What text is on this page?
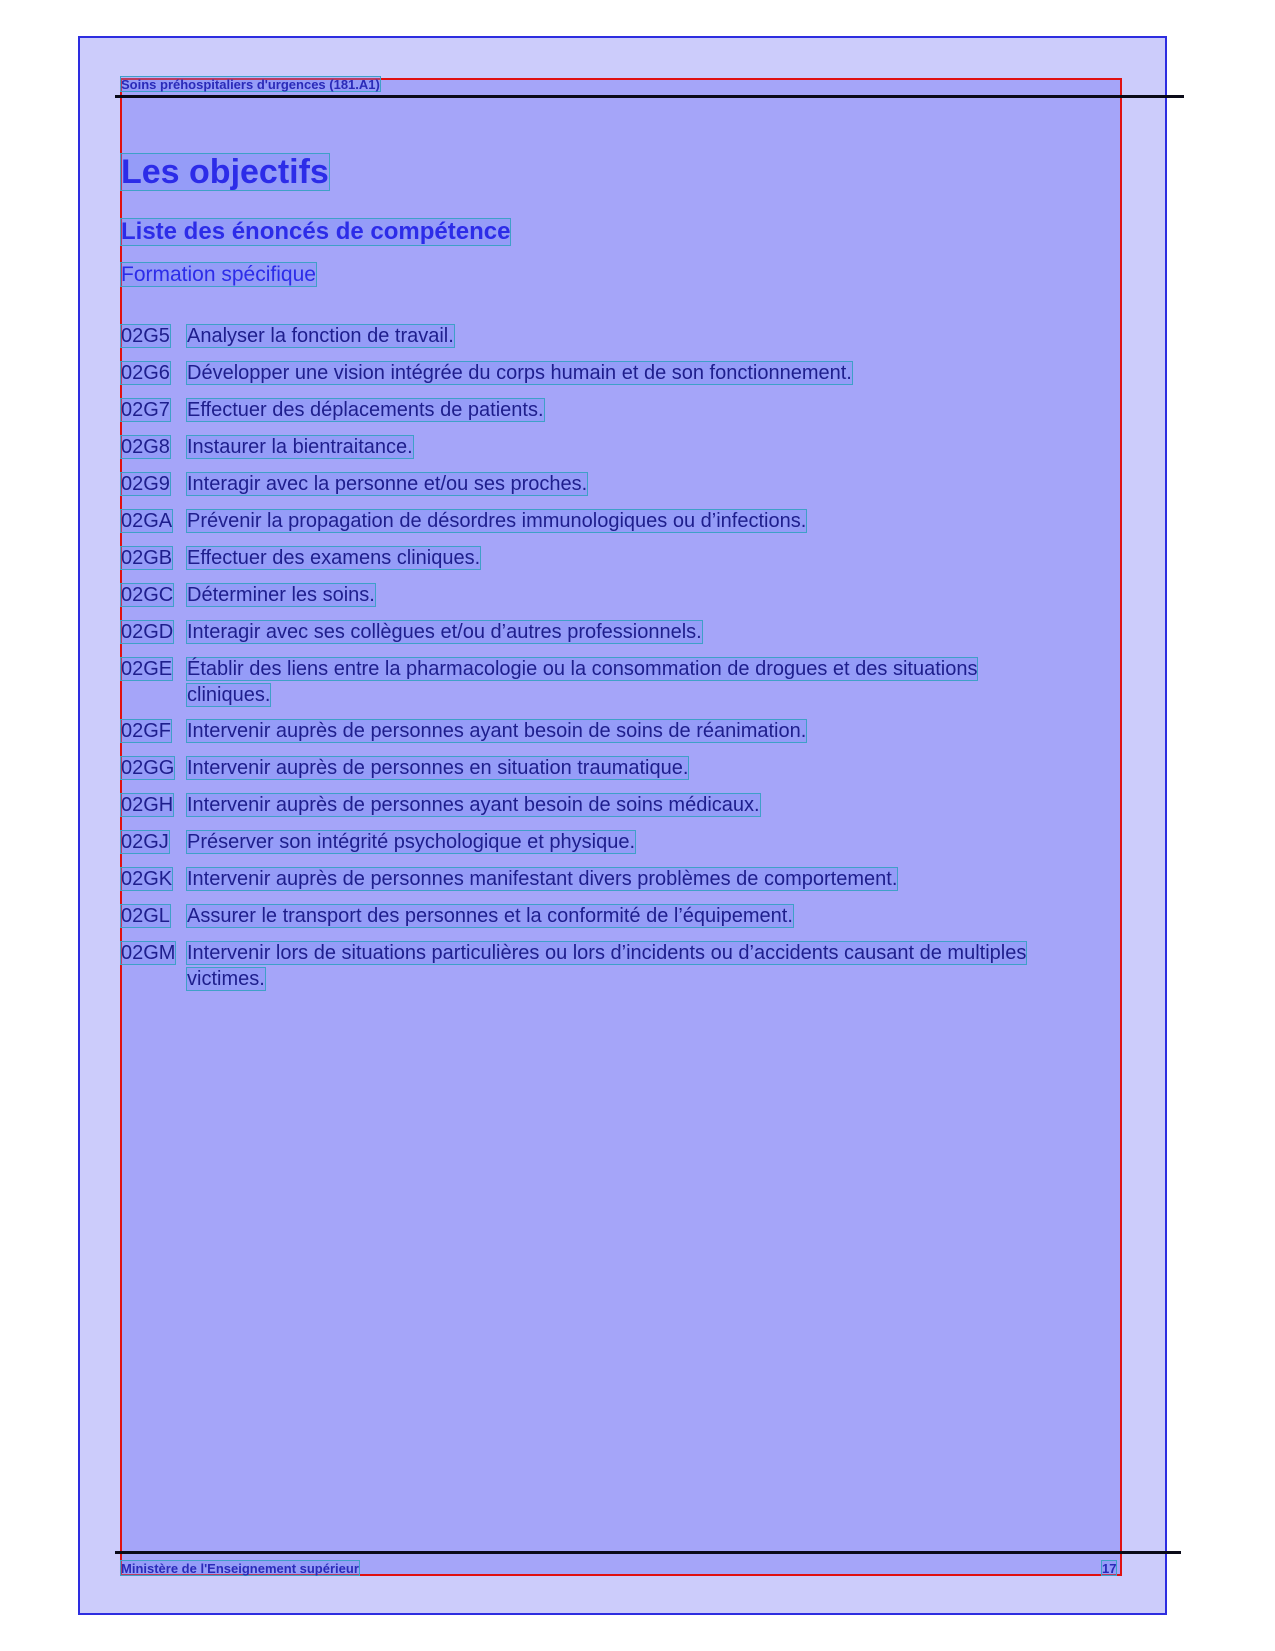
Soins préhospitaliers d'urgences (181.A1)
Les objectifs
Liste des énoncés de compétence
Formation spécifique
02G5 Analyser la fonction de travail.
02G6 Développer une vision intégrée du corps humain et de son fonctionnement.
02G7 Effectuer des déplacements de patients.
02G8 Instaurer la bientraitance.
02G9 Interagir avec la personne et/ou ses proches.
02GA Prévenir la propagation de désordres immunologiques ou d’infections.
02GB Effectuer des examens cliniques.
02GC Déterminer les soins.
02GD Interagir avec ses collègues et/ou d’autres professionnels.
02GE Établir des liens entre la pharmacologie ou la consommation de drogues et des situations
cliniques.
02GF Intervenir auprès de personnes ayant besoin de soins de réanimation.
02GG Intervenir auprès de personnes en situation traumatique.
02GH Intervenir auprès de personnes ayant besoin de soins médicaux.
02GJ Préserver son intégrité psychologique et physique.
02GK Intervenir auprès de personnes manifestant divers problèmes de comportement.
02GL Assurer le transport des personnes et la conformité de l’équipement.
02GM Intervenir lors de situations particulières ou lors d’incidents ou d’accidents causant de multiples
victimes.
Ministère de l'Enseignement supérieur	17
